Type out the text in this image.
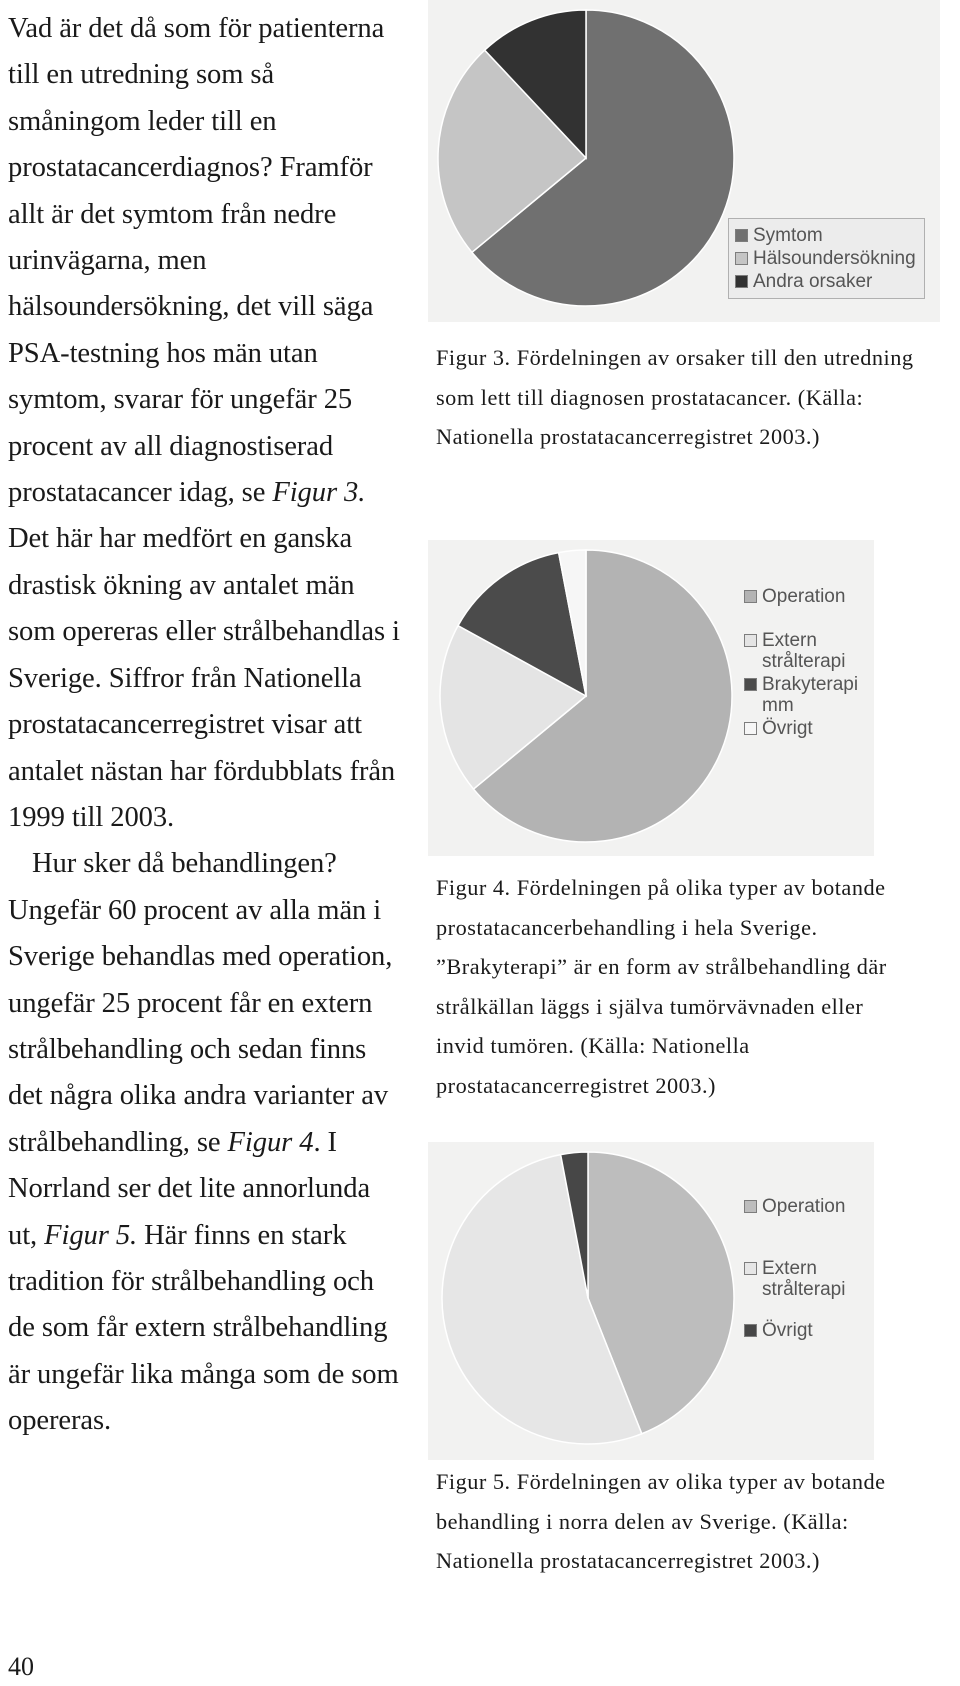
Vad är det då som för patienterna till en utredning som så småningom leder till en prostatacancerdiagnos? Framför allt är det symtom från nedre urinvägarna, men hälsoundersökning, det vill säga PSA-testning hos män utan symtom, svarar för ungefär 25 procent av all diagnostiserad prostatacancer idag, se Figur 3. Det här har medfört en ganska drastisk ökning av antalet män som opereras eller strålbehandlas i Sverige. Siffror från Nationella prostatacancerregistret visar att antalet nästan har fördubblats från 1999 till 2003.

Hur sker då behandlingen? Ungefär 60 procent av alla män i Sverige behandlas med operation, ungefär 25 procent får en extern strålbehandling och sedan finns det några olika andra varianter av strålbehandling, se Figur 4. I Norrland ser det lite annorlunda ut, Figur 5. Här finns en stark tradition för strålbehandling och de som får extern strålbehandling är ungefär lika många som de som opereras.

40
Symtom
Hälsoundersökning
Andra orsaker
Figur 3. Fördelningen av orsaker till den utredning som lett till diagnosen prostatacancer. (Källa: Nationella prostatacancerregistret 2003.)
Operation
Extern
strålterapi
Brakyterapi
mm
Övrigt
Figur 4. Fördelningen på olika typer av botande prostatacancerbehandling i hela Sverige. ”Brakyterapi” är en form av strålbehandling där strålkällan läggs i själva tumörvävnaden eller invid tumören. (Källa: Nationella prostatacancerregistret 2003.)
Operation
Extern
strålterapi
Övrigt
Figur 5. Fördelningen av olika typer av botande behandling i norra delen av Sverige. (Källa: Nationella prostatacancerregistret 2003.)
